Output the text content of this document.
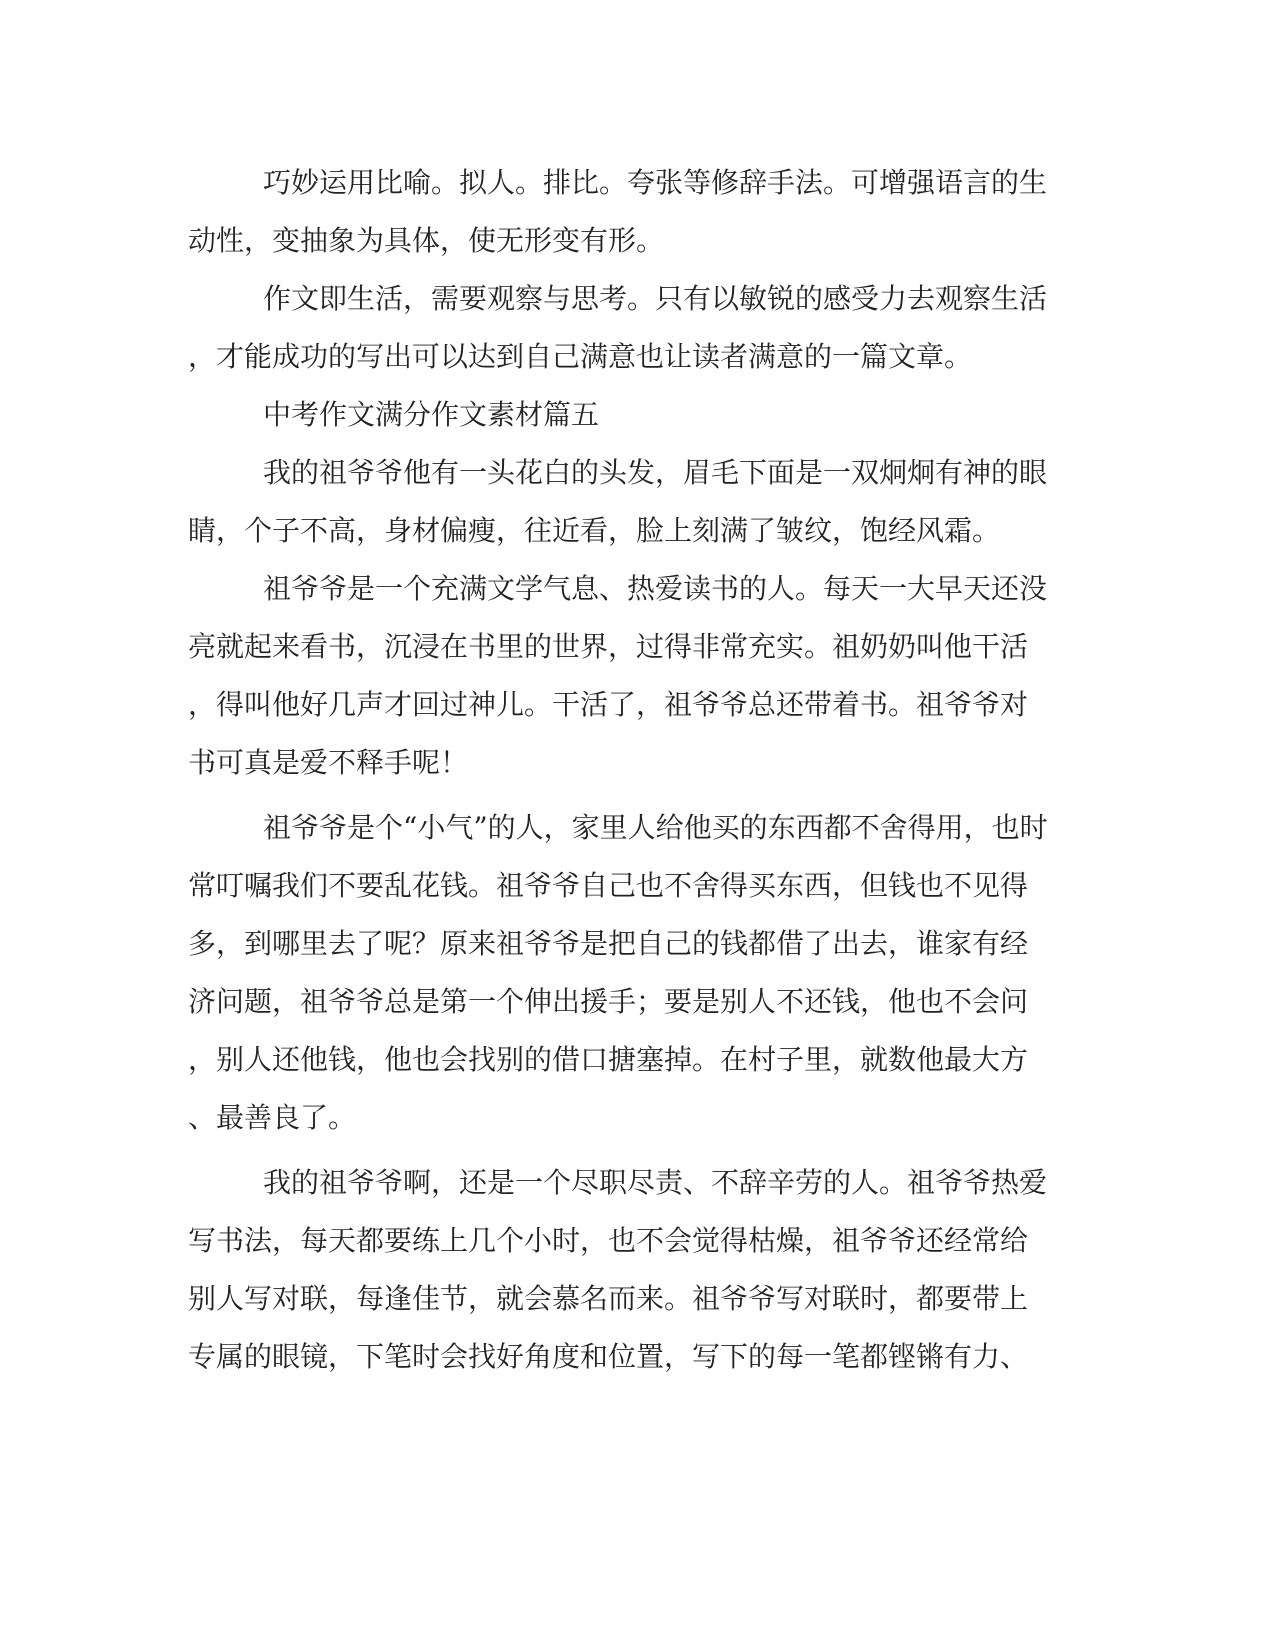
巧妙运用比喻。拟人。排比。夸张等修辞手法。可增强语言的生

动性，变抽象为具体，使无形变有形。

作文即生活，需要观察与思考。只有以敏锐的感受力去观察生活

，才能成功的写出可以达到自己满意也让读者满意的一篇文章。

中考作文满分作文素材篇五

我的祖爷爷他有一头花白的头发，眉毛下面是一双炯炯有神的眼

睛，个子不高，身材偏瘦，往近看，脸上刻满了皱纹，饱经风霜。

祖爷爷是一个充满文学气息、热爱读书的人。每天一大早天还没

亮就起来看书，沉浸在书里的世界，过得非常充实。祖奶奶叫他干活

，得叫他好几声才回过神儿。干活了，祖爷爷总还带着书。祖爷爷对

书可真是爱不释手呢！

祖爷爷是个“小气”的人，家里人给他买的东西都不舍得用，也时

常叮嘱我们不要乱花钱。祖爷爷自己也不舍得买东西，但钱也不见得

多，到哪里去了呢？原来祖爷爷是把自己的钱都借了出去，谁家有经

济问题，祖爷爷总是第一个伸出援手；要是别人不还钱，他也不会问

，别人还他钱，他也会找别的借口搪塞掉。在村子里，就数他最大方

、最善良了。

我的祖爷爷啊，还是一个尽职尽责、不辞辛劳的人。祖爷爷热爱

写书法，每天都要练上几个小时，也不会觉得枯燥，祖爷爷还经常给

别人写对联，每逢佳节，就会慕名而来。祖爷爷写对联时，都要带上

专属的眼镜，下笔时会找好角度和位置，写下的每一笔都铿锵有力、
